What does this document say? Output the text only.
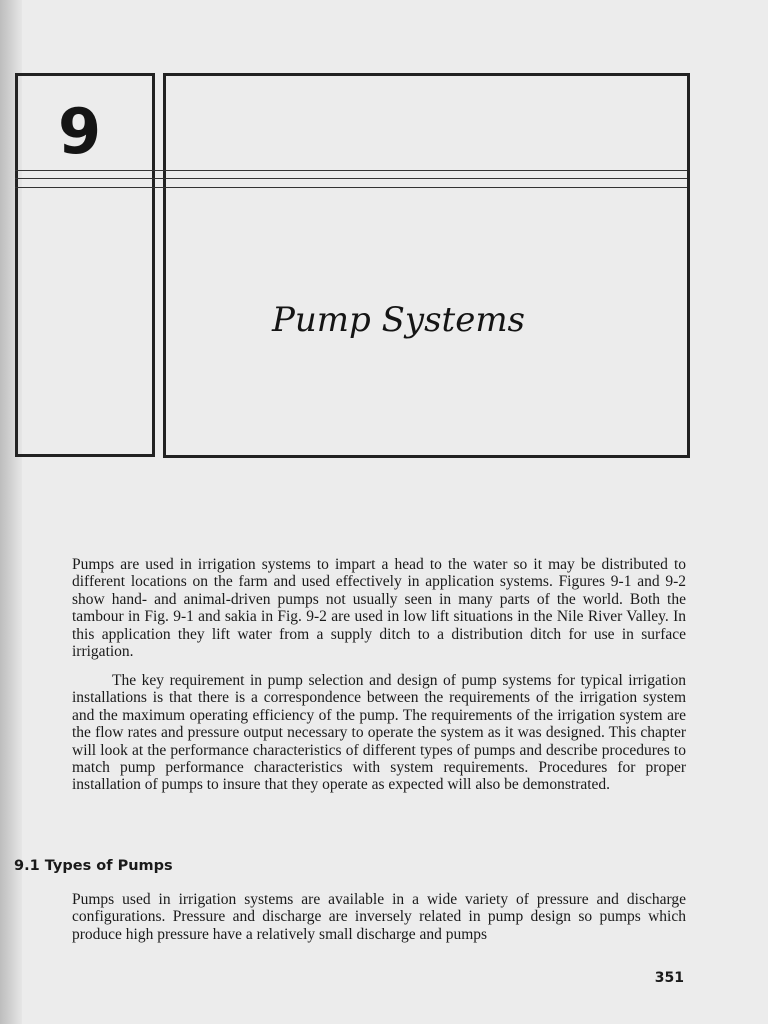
9
Pump Systems

Pumps are used in irrigation systems to impart a head to the water so it may be distributed to different locations on the farm and used effectively in application systems. Figures 9-1 and 9-2 show hand- and animal-driven pumps not usually seen in many parts of the world. Both the tambour in Fig. 9-1 and sakia in Fig. 9-2 are used in low lift situations in the Nile River Valley. In this application they lift water from a supply ditch to a distribution ditch for use in surface irrigation.

The key requirement in pump selection and design of pump systems for typical irrigation installations is that there is a correspondence between the requirements of the irrigation system and the maximum operating efficiency of the pump. The requirements of the irrigation system are the flow rates and pressure output necessary to operate the system as it was designed. This chapter will look at the performance characteristics of different types of pumps and describe procedures to match pump performance characteristics with system requirements. Procedures for proper installation of pumps to insure that they operate as expected will also be demonstrated.

9.1 Types of Pumps

Pumps used in irrigation systems are available in a wide variety of pressure and discharge configurations. Pressure and discharge are inversely related in pump design so pumps which produce high pressure have a relatively small discharge and pumps

351
